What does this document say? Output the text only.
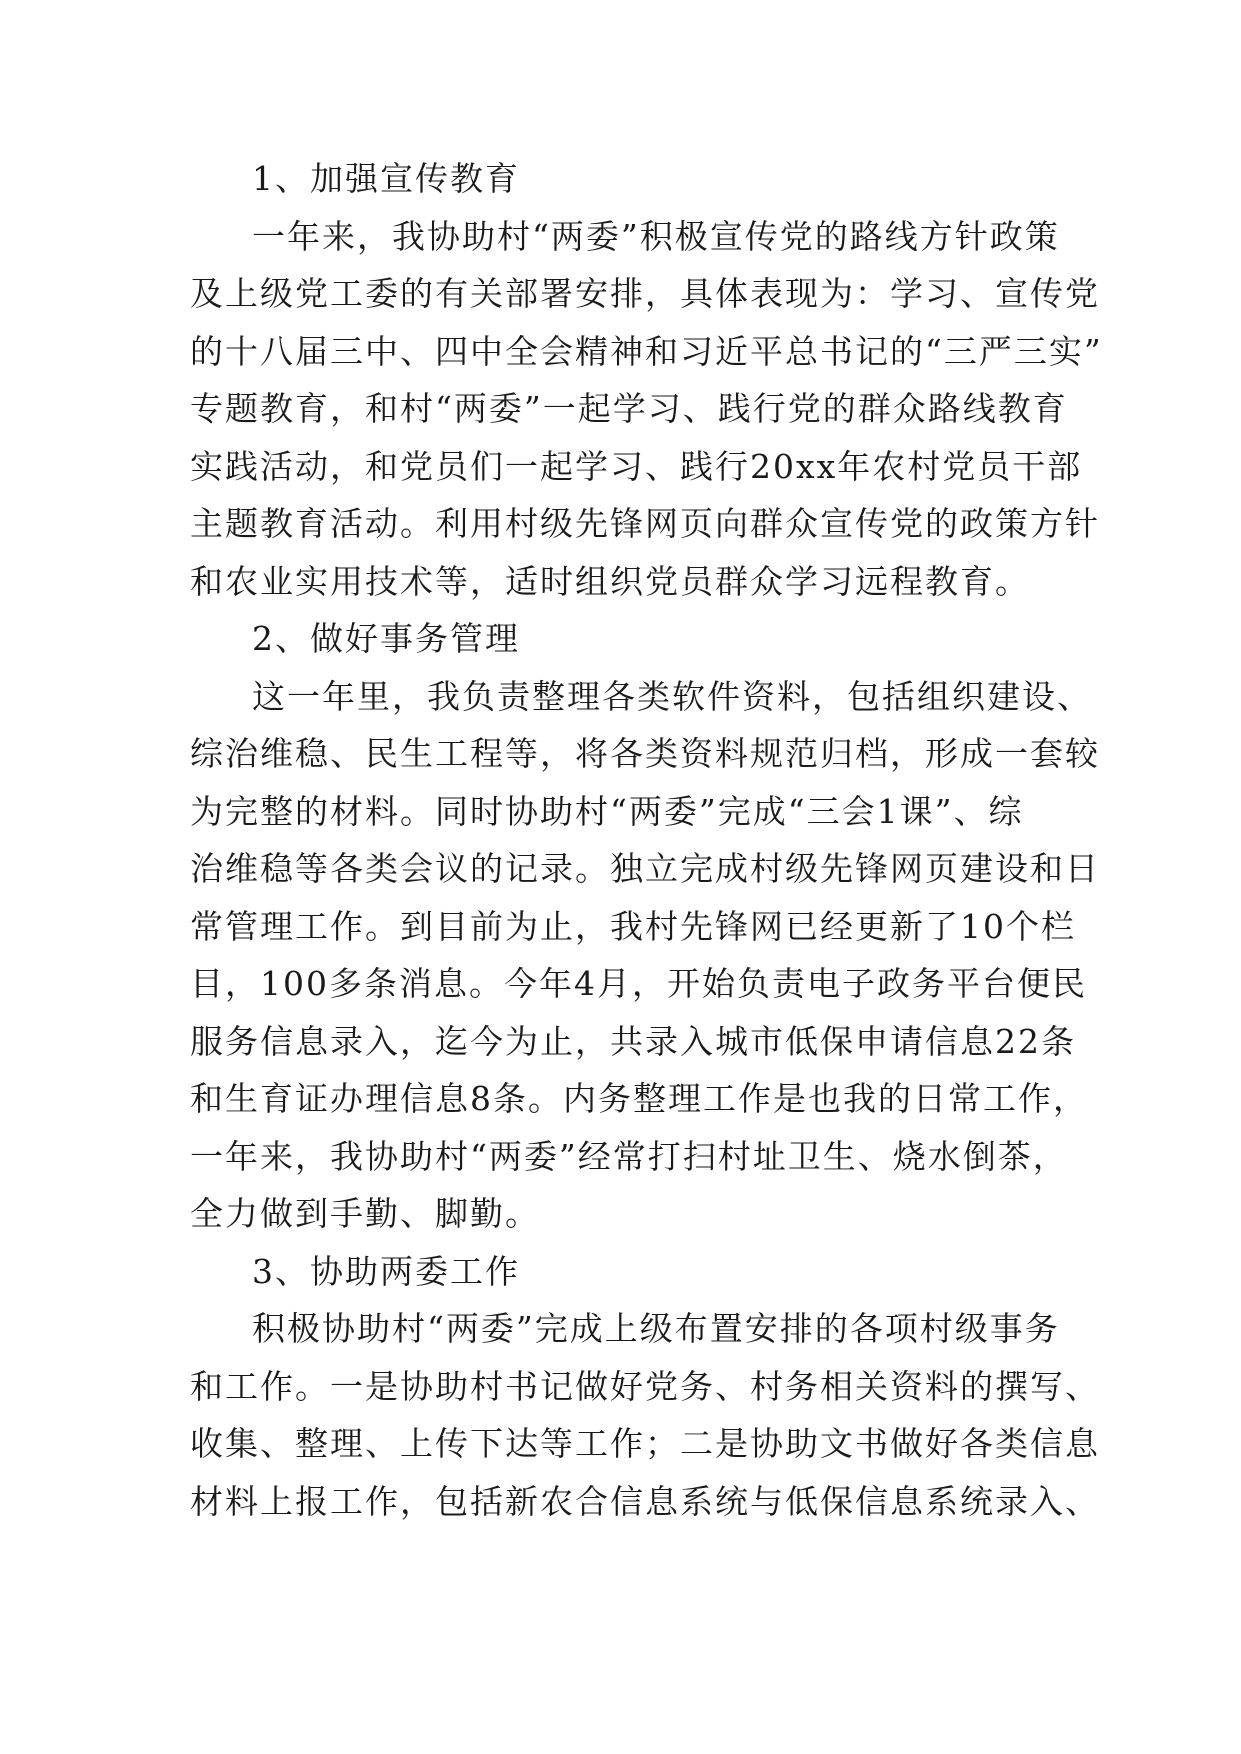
1、加强宣传教育
一年来，我协助村“两委”积极宣传党的路线方针政策
及上级党工委的有关部署安排，具体表现为：学习、宣传党
的十八届三中、四中全会精神和习近平总书记的“三严三实”
专题教育，和村“两委”一起学习、践行党的群众路线教育
实践活动，和党员们一起学习、践行20xx年农村党员干部
主题教育活动。利用村级先锋网页向群众宣传党的政策方针
和农业实用技术等，适时组织党员群众学习远程教育。
2、做好事务管理
这一年里，我负责整理各类软件资料，包括组织建设、
综治维稳、民生工程等，将各类资料规范归档，形成一套较
为完整的材料。同时协助村“两委”完成“三会1课”、综
治维稳等各类会议的记录。独立完成村级先锋网页建设和日
常管理工作。到目前为止，我村先锋网已经更新了10个栏
目，100多条消息。今年4月，开始负责电子政务平台便民
服务信息录入，迄今为止，共录入城市低保申请信息22条
和生育证办理信息8条。内务整理工作是也我的日常工作，
一年来，我协助村“两委”经常打扫村址卫生、烧水倒茶，
全力做到手勤、脚勤。
3、协助两委工作
积极协助村“两委”完成上级布置安排的各项村级事务
和工作。一是协助村书记做好党务、村务相关资料的撰写、
收集、整理、上传下达等工作；二是协助文书做好各类信息
材料上报工作，包括新农合信息系统与低保信息系统录入、
